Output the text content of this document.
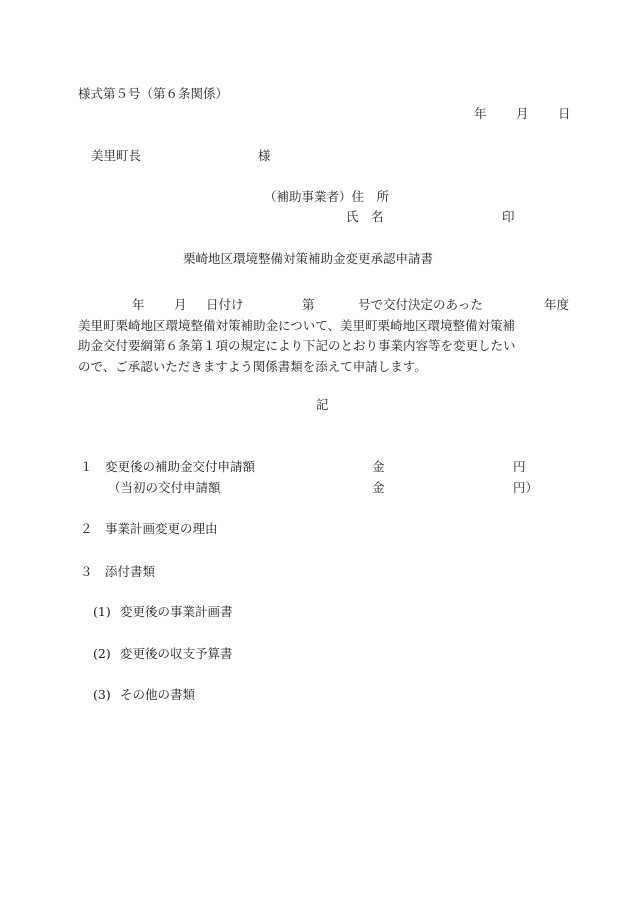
様式第５号（第６条関係）
年 月 日
美里町長	様
（補助事業者）住　所
氏　名	印
栗崎地区環境整備対策補助金変更承認申請書
年 月 日付け	第	号で交付決定のあった	年度
美里町栗崎地区環境整備対策補助金について、美里町栗崎地区環境整備対策補
助金交付要綱第６条第１項の規定により下記のとおり事業内容等を変更したい
ので、ご承認いただきますよう関係書類を添えて申請します。
記
１ 変更後の補助金交付申請額	金	円
（当初の交付申請額	金	円）
２ 事業計画変更の理由
３ 添付書類
(1) 変更後の事業計画書
(2) 変更後の収支予算書
(3) その他の書類
